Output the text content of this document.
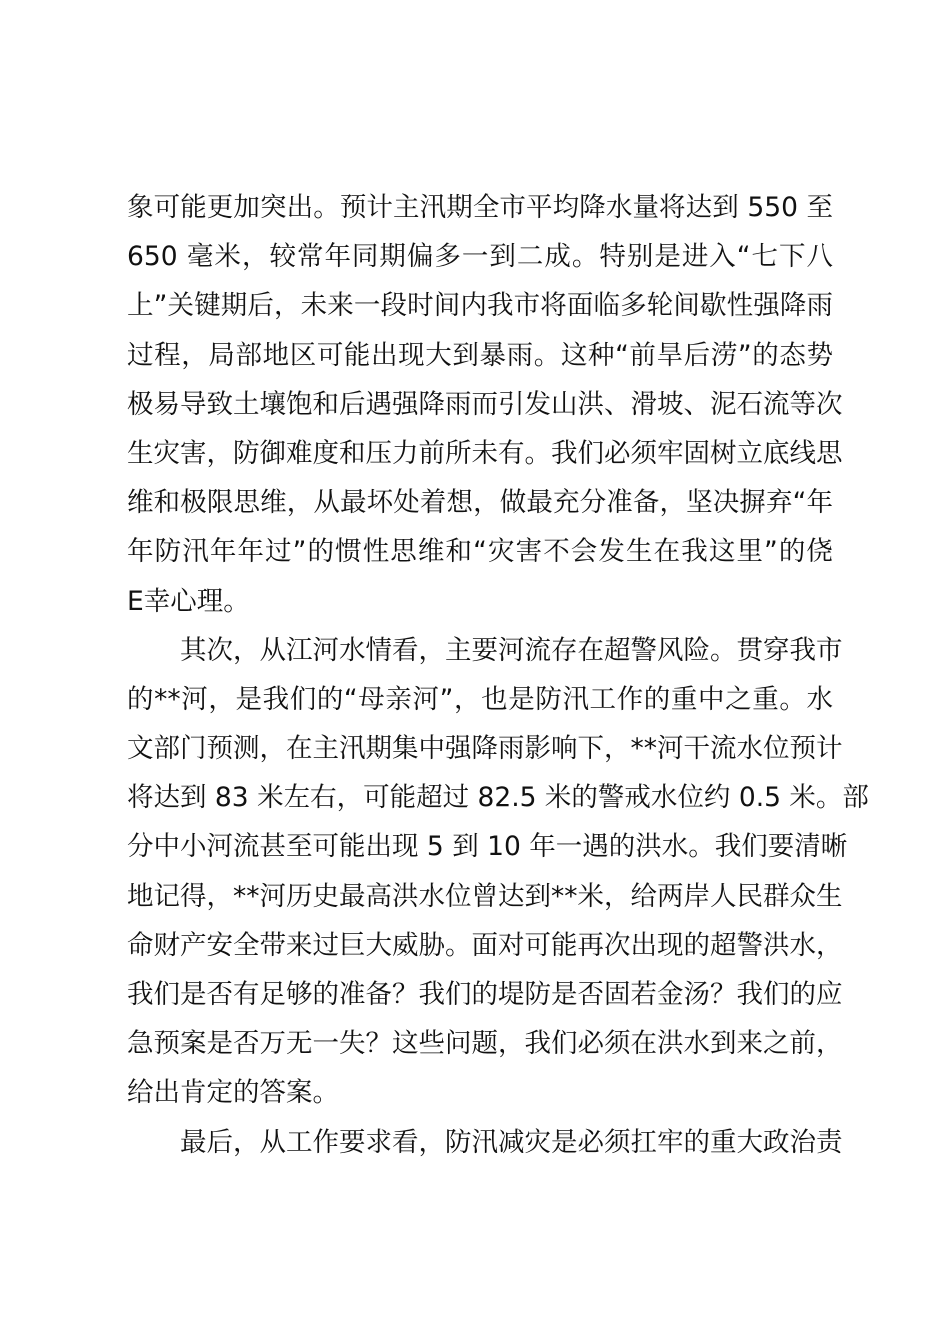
象可能更加突出。预计主汛期全市平均降水量将达到 550 至
650 毫米，较常年同期偏多一到二成。特别是进入“七下八
上”关键期后，未来一段时间内我市将面临多轮间歇性强降雨
过程，局部地区可能出现大到暴雨。这种“前旱后涝”的态势
极易导致土壤饱和后遇强降雨而引发山洪、滑坡、泥石流等次
生灾害，防御难度和压力前所未有。我们必须牢固树立底线思
维和极限思维，从最坏处着想，做最充分准备，坚决摒弃“年
年防汛年年过”的惯性思维和“灾害不会发生在我这里”的侥
E幸心理。
　　其次，从江河水情看，主要河流存在超警风险。贯穿我市
的**河，是我们的“母亲河”，也是防汛工作的重中之重。水
文部门预测，在主汛期集中强降雨影响下，**河干流水位预计
将达到 83 米左右，可能超过 82.5 米的警戒水位约 0.5 米。部
分中小河流甚至可能出现 5 到 10 年一遇的洪水。我们要清晰
地记得，**河历史最高洪水位曾达到**米，给两岸人民群众生
命财产安全带来过巨大威胁。面对可能再次出现的超警洪水，
我们是否有足够的准备？我们的堤防是否固若金汤？我们的应
急预案是否万无一失？这些问题，我们必须在洪水到来之前，
给出肯定的答案。
　　最后，从工作要求看，防汛减灾是必须扛牢的重大政治责
